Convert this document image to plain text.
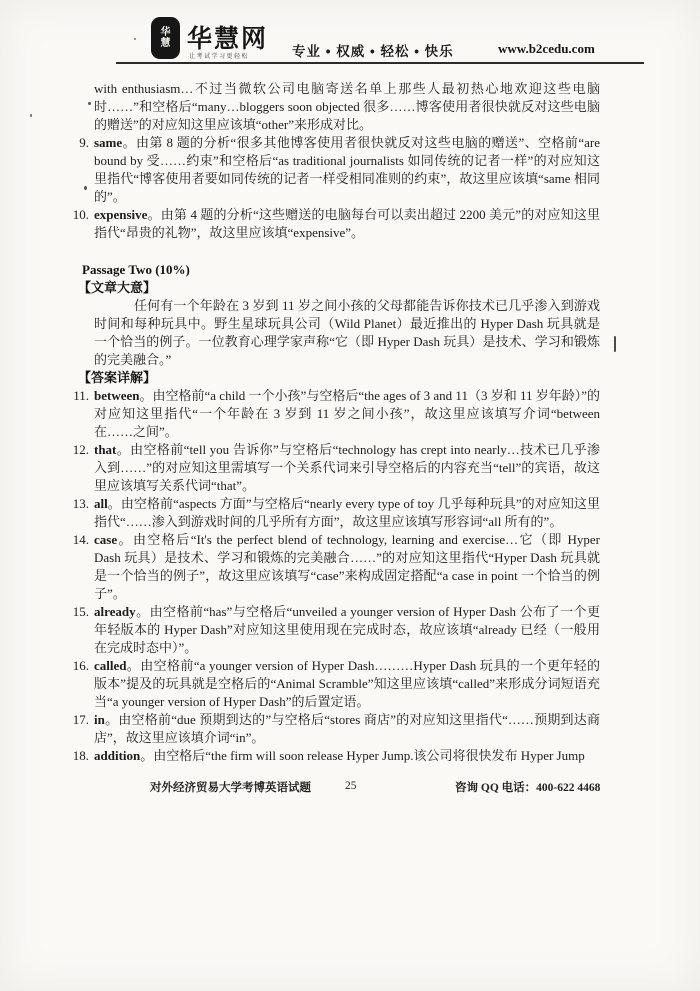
华
慧 华慧网
让考试学习更轻松	专业 • 权威 • 轻松 • 快乐	www.b2cedu.com

with enthusiasm…不过当微软公司电脑寄送名单上那些人最初热心地欢迎这些电脑时……”和空格后“many…bloggers soon objected 很多……博客使用者很快就反对这些电脑的赠送”的对应知这里应该填“other”来形成对比。

9. same。由第 8 题的分析“很多其他博客使用者很快就反对这些电脑的赠送”、空格前“are bound by 受……约束”和空格后“as traditional journalists 如同传统的记者一样”的对应知这里指代“博客使用者要如同传统的记者一样受相同准则的约束”，故这里应该填“same 相同的”。
10. expensive。由第 4 题的分析“这些赠送的电脑每台可以卖出超过 2200 美元”的对应知这里指代“昂贵的礼物”，故这里应该填“expensive”。
Passage Two (10%)
【文章大意】

任何有一个年龄在 3 岁到 11 岁之间小孩的父母都能告诉你技术已几乎渗入到游戏时间和每种玩具中。野生星球玩具公司（Wild Planet）最近推出的 Hyper Dash 玩具就是一个恰当的例子。一位教育心理学家声称“它（即 Hyper Dash 玩具）是技术、学习和锻炼的完美融合。”

【答案详解】
11. between。由空格前“a child 一个小孩”与空格后“the ages of 3 and 11（3 岁和 11 岁年龄）”的对应知这里指代“一个年龄在 3 岁到 11 岁之间小孩”，故这里应该填写介词“between 在……之间”。
12. that。由空格前“tell you 告诉你”与空格后“technology has crept into nearly…技术已几乎渗入到……”的对应知这里需填写一个关系代词来引导空格后的内容充当“tell”的宾语，故这里应该填写关系代词“that”。
13. all。由空格前“aspects 方面”与空格后“nearly every type of toy 几乎每种玩具”的对应知这里指代“……渗入到游戏时间的几乎所有方面”，故这里应该填写形容词“all 所有的”。
14. case。由空格后“It's the perfect blend of technology, learning and exercise…它（即 Hyper Dash 玩具）是技术、学习和锻炼的完美融合……”的对应知这里指代“Hyper Dash 玩具就是一个恰当的例子”，故这里应该填写“case”来构成固定搭配“a case in point 一个恰当的例子”。
15. already。由空格前“has”与空格后“unveiled a younger version of Hyper Dash 公布了一个更年轻版本的 Hyper Dash”对应知这里使用现在完成时态，故应该填“already 已经（一般用在完成时态中）”。
16. called。由空格前“a younger version of Hyper Dash………Hyper Dash 玩具的一个更年轻的版本”提及的玩具就是空格后的“Animal Scramble”知这里应该填“called”来形成分词短语充当“a younger version of Hyper Dash”的后置定语。
17. in。由空格前“due 预期到达的”与空格后“stores 商店”的对应知这里指代“……预期到达商店”，故这里应该填介词“in”。
18. addition。由空格后“the firm will soon release Hyper Jump.该公司将很快发布 Hyper Jump
对外经济贸易大学考博英语试题	25	咨询 QQ 电话：400-622 4468
